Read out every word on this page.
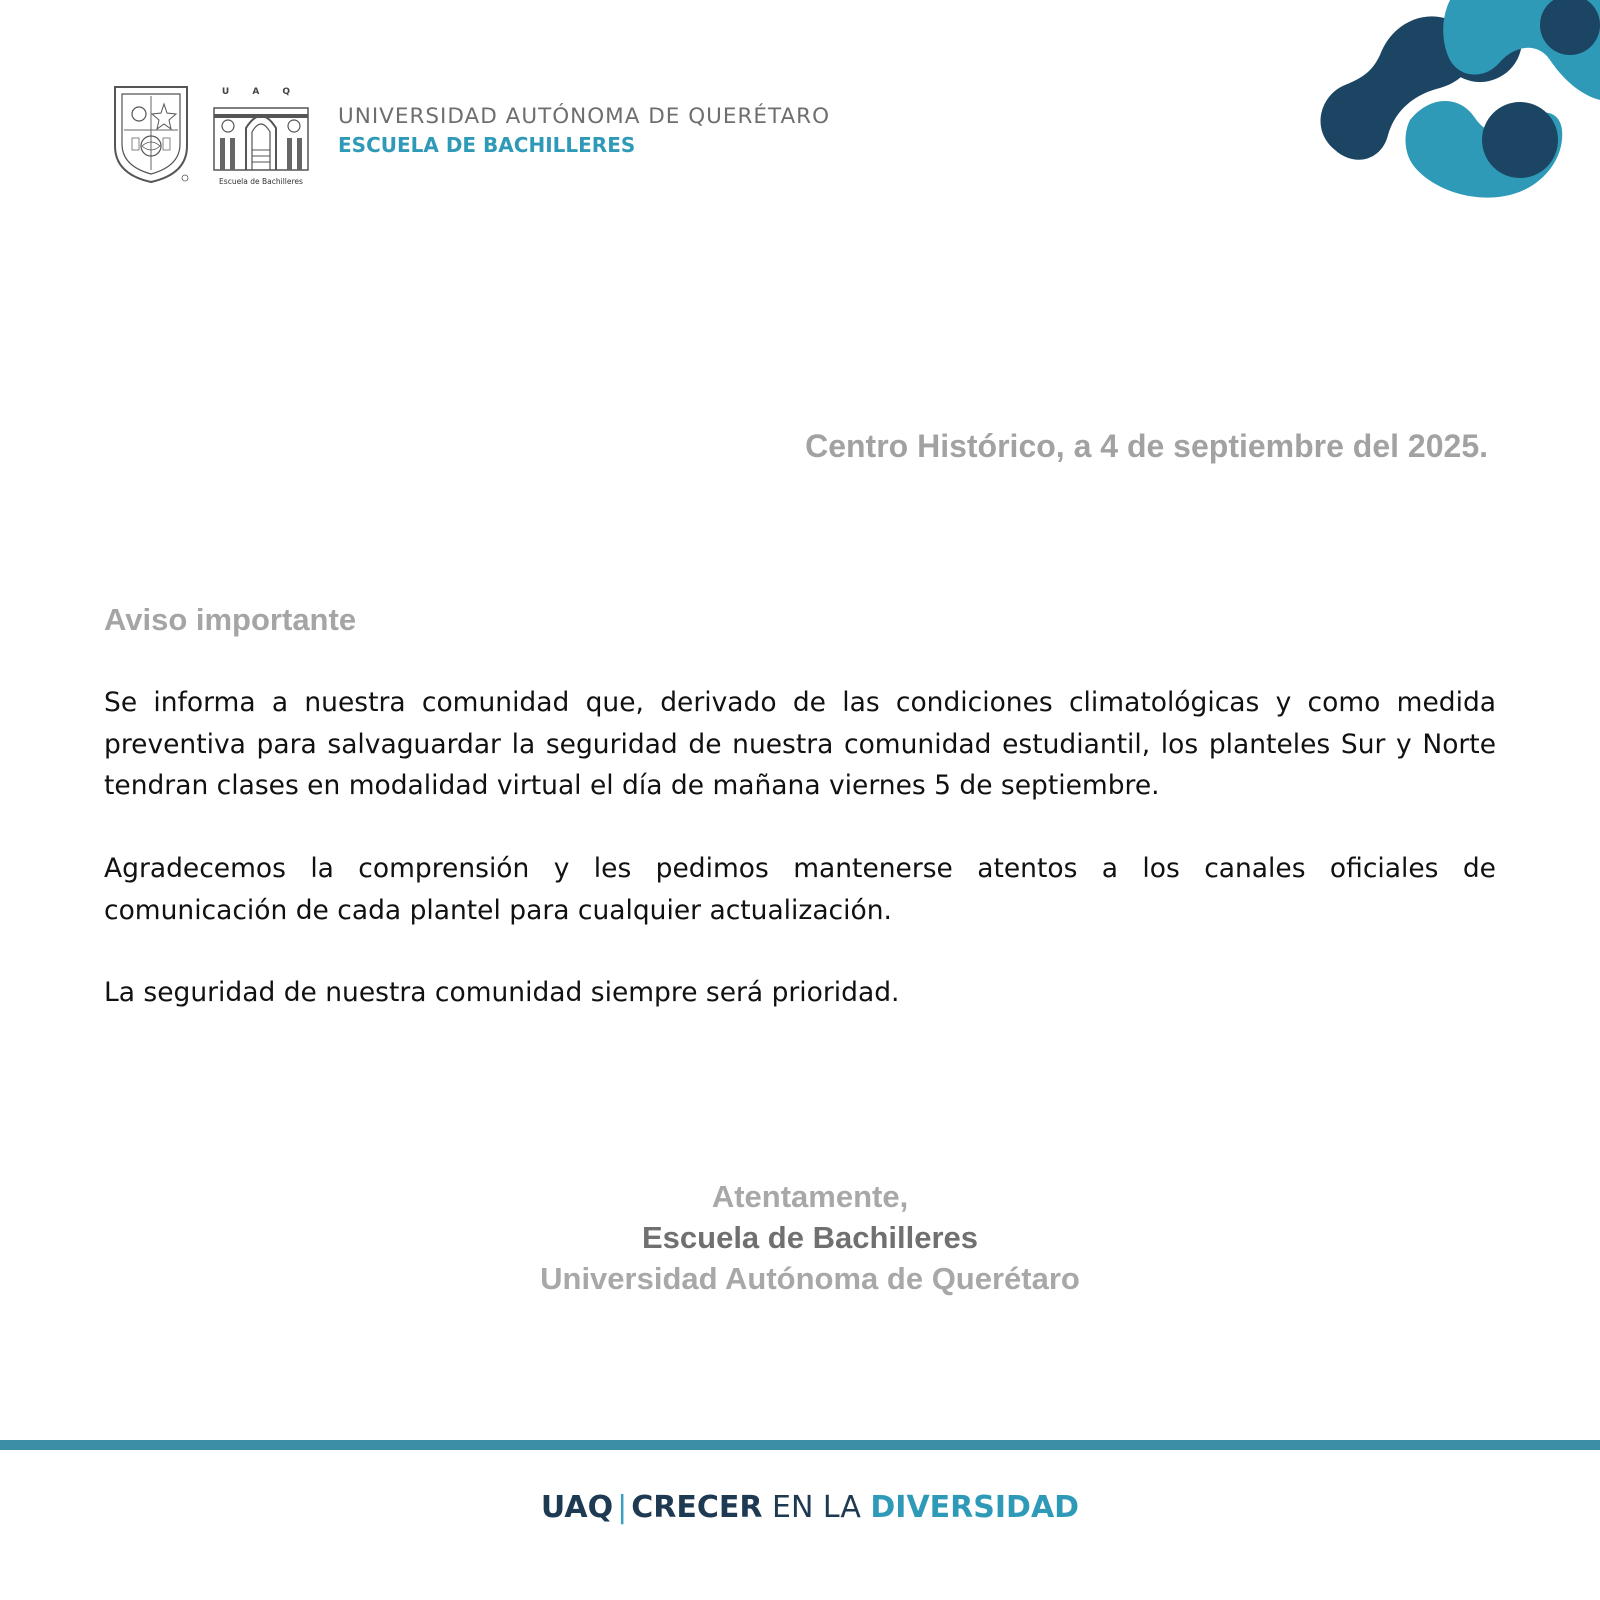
U A Q
Escuela de Bachilleres
UNIVERSIDAD AUTÓNOMA DE QUERÉTARO
ESCUELA DE BACHILLERES
Centro Histórico, a 4 de septiembre del 2025.
Aviso importante

Se informa a nuestra comunidad que, derivado de las condiciones climatológicas y como medida preventiva para salvaguardar la seguridad de nuestra comunidad estudiantil, los planteles Sur y Norte tendran clases en modalidad virtual el día de mañana viernes 5 de septiembre.

Agradecemos la comprensión y les pedimos mantenerse atentos a los canales oficiales de comunicación de cada plantel para cualquier actualización.

La seguridad de nuestra comunidad siempre será prioridad.

Atentamente,
Escuela de Bachilleres
Universidad Autónoma de Querétaro
UAQ | CRECER EN LA DIVERSIDAD
